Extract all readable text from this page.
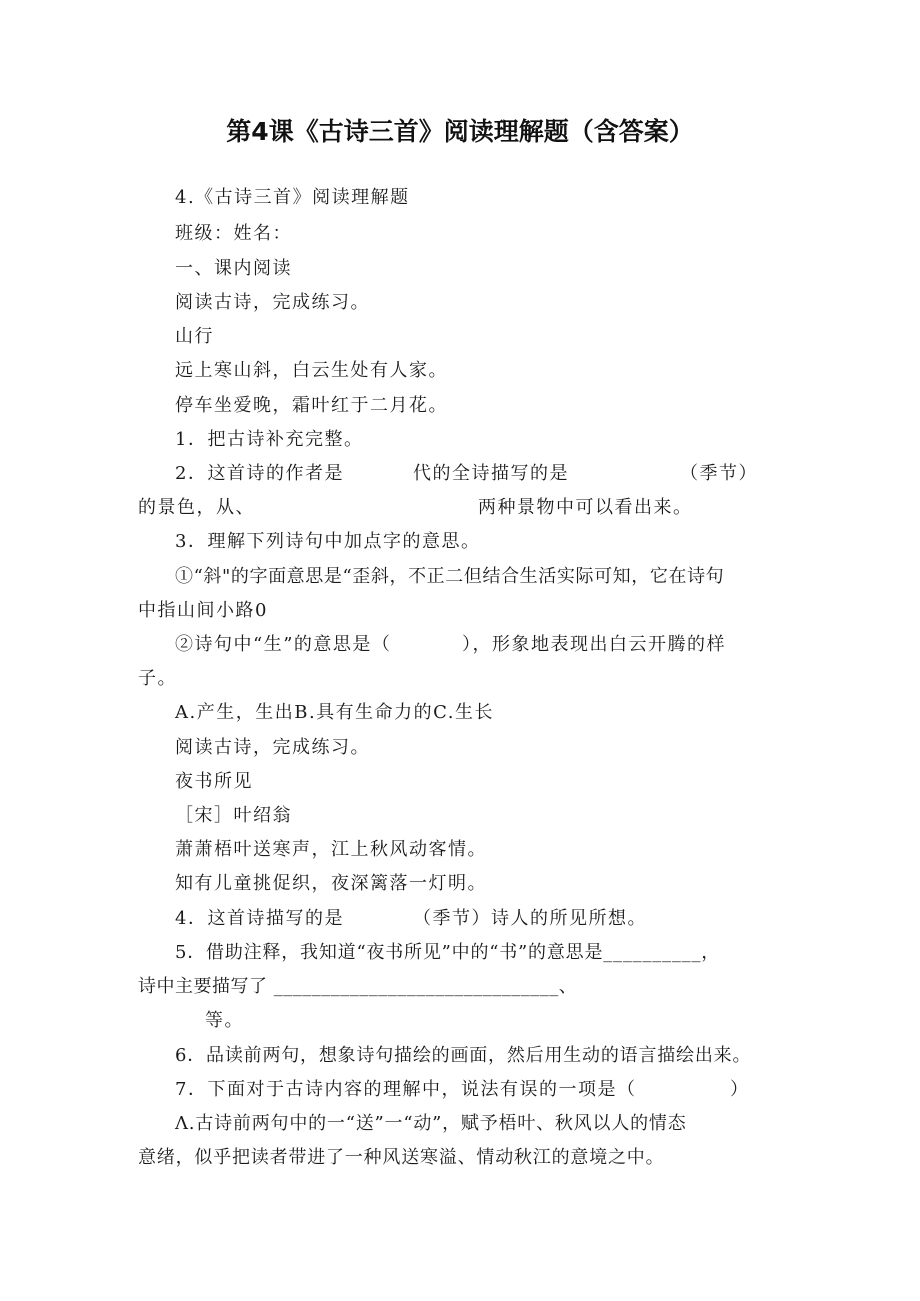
第4课《古诗三首》阅读理解题（含答案）
4.《古诗三首》阅读理解题
班级：姓名：
一、课内阅读
阅读古诗，完成练习。
山行
远上寒山斜，白云生处有人家。
停车坐爱晚，霜叶红于二月花。
1．把古诗补充完整。
2．这首诗的作者是	代的全诗描写的是	（季节）
的景色，从、	两种景物中可以看出来。
3．理解下列诗句中加点字的意思。
①“斜"的字面意思是“歪斜，不正二但结合生活实际可知，它在诗句
中指山间小路0
②诗句中“生”的意思是（	），形象地表现出白云开腾的样
子。
A.产生，生出B.具有生命力的C.生长
阅读古诗，完成练习。
夜书所见
［宋］叶绍翁
萧萧梧叶送寒声，江上秋风动客情。
知有儿童挑促织，夜深篱落一灯明。
4．这首诗描写的是	（季节）诗人的所见所想。
5．借助注释，我知道“夜书所见”中的“书”的意思是__________，
诗中主要描写了 ______________________________、
等。
6．品读前两句，想象诗句描绘的画面，然后用生动的语言描绘出来。
7．下面对于古诗内容的理解中，说法有误的一项是（	）
Λ.古诗前两句中的一“送”一“动”，赋予梧叶、秋风以人的情态
意绪，似乎把读者带进了一种风送寒溢、情动秋江的意境之中。
